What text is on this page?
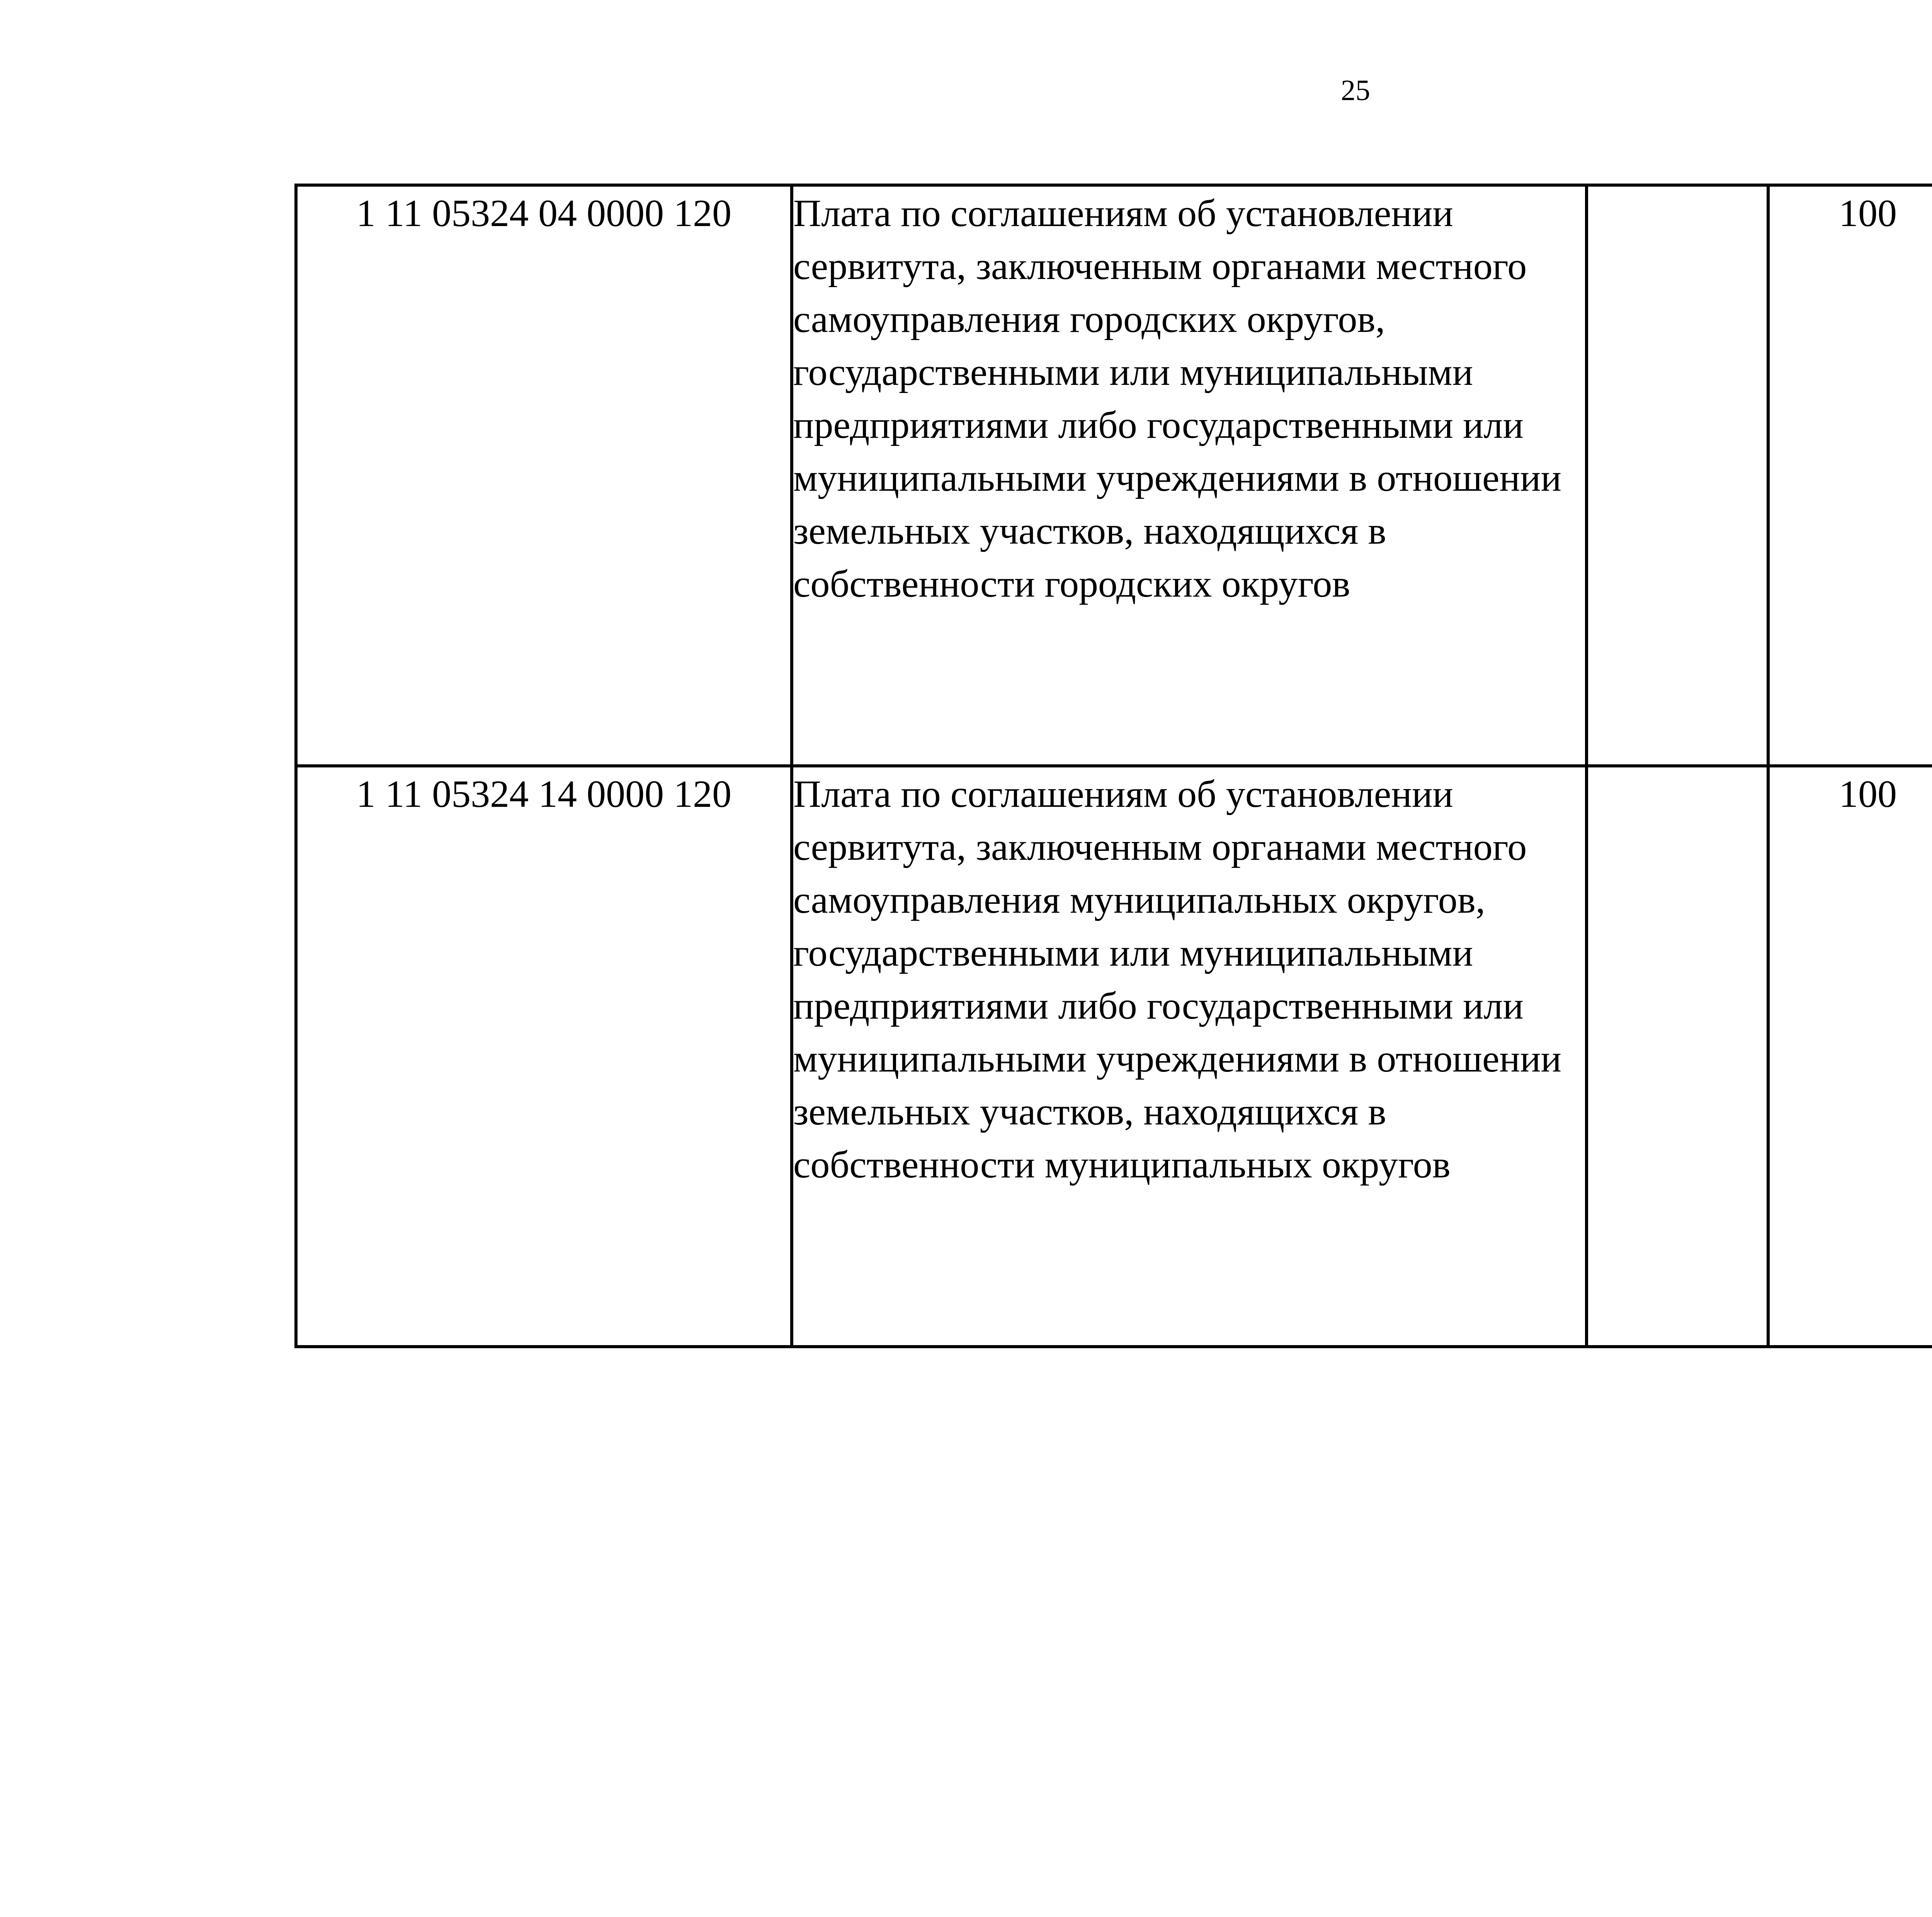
25
1 11 05324 04 0000 120	Плата по соглашениям об установлении сервитута, заключенным органами местного самоуправления городских округов, государственными или муниципальными предприятиями либо государственными или муниципальными учреждениями в отношении земельных участков, находящихся в собственности городских округов		100			
1 11 05324 14 0000 120	Плата по соглашениям об установлении сервитута, заключенным органами местного самоуправления муниципальных округов, государственными или муниципальными предприятиями либо государственными или муниципальными учреждениями в отношении земельных участков, находящихся в собственности муниципальных округов		100			
